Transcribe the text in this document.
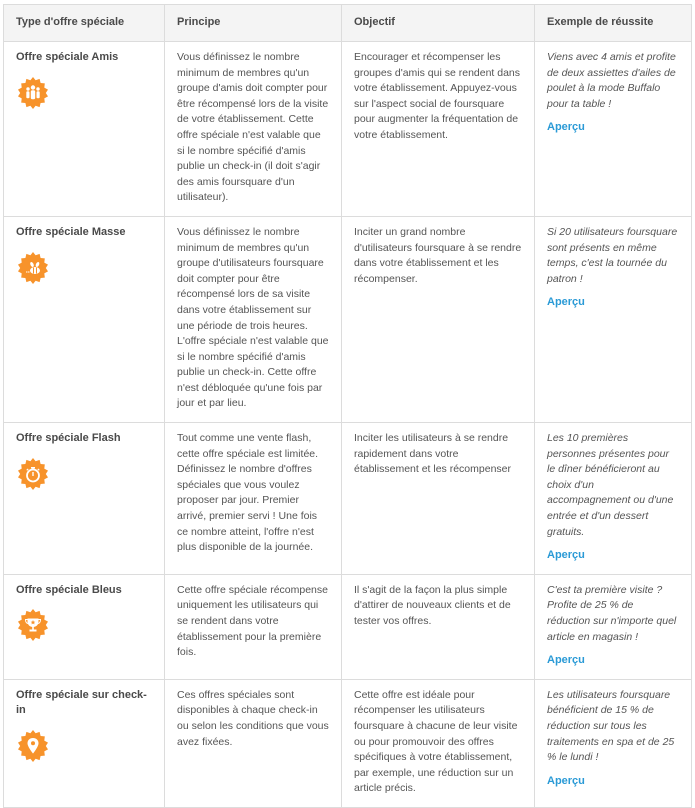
Type d'offre spéciale	Principe	Objectif	Exemple de réussite

Offre spéciale Amis	Vous définissez le nombre minimum de membres qu'un groupe d'amis doit compter pour être récompensé lors de la visite de votre établissement. Cette offre spéciale n'est valable que si le nombre spécifié d'amis publie un check-in (il doit s'agir des amis foursquare d'un utilisateur).	Encourager et récompenser les groupes d'amis qui se rendent dans votre établissement. Appuyez-vous sur l'aspect social de foursquare pour augmenter la fréquentation de votre établissement.	Viens avec 4 amis et profite de deux assiettes d'ailes de poulet à la mode Buffalo pour ta table !
Aperçu

Offre spéciale Masse	Vous définissez le nombre minimum de membres qu'un groupe d'utilisateurs foursquare doit compter pour être récompensé lors de sa visite dans votre établissement sur une période de trois heures. L'offre spéciale n'est valable que si le nombre spécifié d'amis publie un check-in. Cette offre n'est débloquée qu'une fois par jour et par lieu.	Inciter un grand nombre d'utilisateurs foursquare à se rendre dans votre établissement et les récompenser.	Si 20 utilisateurs foursquare sont présents en même temps, c'est la tournée du patron !
Aperçu

Offre spéciale Flash	Tout comme une vente flash, cette offre spéciale est limitée. Définissez le nombre d'offres spéciales que vous voulez proposer par jour. Premier arrivé, premier servi ! Une fois ce nombre atteint, l'offre n'est plus disponible de la journée.	Inciter les utilisateurs à se rendre rapidement dans votre établissement et les récompenser	Les 10 premières personnes présentes pour le dîner bénéficieront au choix d'un accompagnement ou d'une entrée et d'un dessert gratuits.
Aperçu

Offre spéciale Bleus	Cette offre spéciale récompense uniquement les utilisateurs qui se rendent dans votre établissement pour la première fois.	Il s'agit de la façon la plus simple d'attirer de nouveaux clients et de tester vos offres.	C'est ta première visite ? Profite de 25 % de réduction sur n'importe quel article en magasin !
Aperçu

Offre spéciale sur check-in	Ces offres spéciales sont disponibles à chaque check-in ou selon les conditions que vous avez fixées.	Cette offre est idéale pour récompenser les utilisateurs foursquare à chacune de leur visite ou pour promouvoir des offres spécifiques à votre établissement, par exemple, une réduction sur un article précis.	Les utilisateurs foursquare bénéficient de 15 % de réduction sur tous les traitements en spa et de 25 % le lundi !
Aperçu
